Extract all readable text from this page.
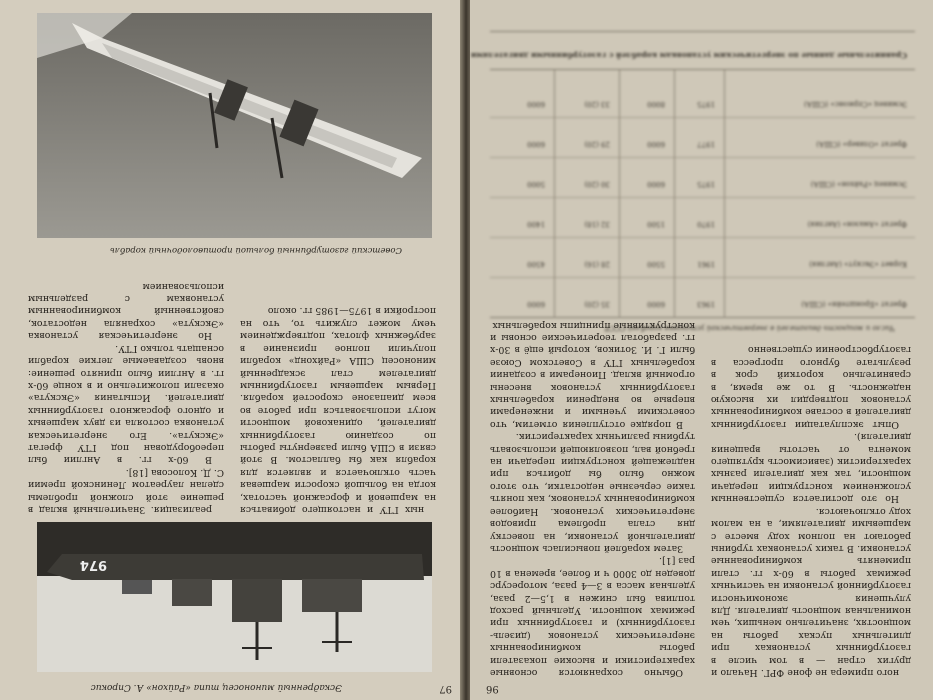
97
Эскадренный миноносец типа «Райхон» А. Спрокис
974

ных ГТУ и настоящего добиваться на маршевой и форсажной частотах, когда на большой скорости маршевая часть отключается и является для корабля как бы балластом. В этой связи в США были развернуты работы по созданию газотурбинных двигателей, одинаковой мощности могут использоваться при работе во всем диапазоне скоростей корабля. Первым маршевым газотурбинным двигателем стал эскадренный миноносец США «Райхонд» корабли получили полное признание в зарубежных флотах, подтверждением чему может служить то, что на постройки в 1975—1985 гг. около

реализация. Значительный вклад в решение этой сложной проблемы сделан лауреатом Ленинской премии С. Д. Колосова [18].

В 60-х гг. в Англии был переоборудован под ГТУ фрегат «Экскута». Его энергетическая установка состояла из двух маршевых и одного форсажного газотурбинных двигателей. Испытания «Экскута» оказали положительно и в конце 60-х гг. в Англии было принято решение: вновь создаваемые легкие корабли оснащать только ГТУ.

Но энергетическая установка «Экскута» сохраняла недостаток, свойственный комбинированным установкам с раздельным использованием

Советский газотурбинный большой противолодочный корабль
96

ного примера не фоне ФРГ. Начало и других стран — в том числе в газотурбинных установках при длительных пусках работы на мощностях, значительно меньших, чем номинальная мощность двигателя. Для улучшения экономичности газотурбинной установки на частичных режимах работы в 60-х гг. стали применять комбинированные установки. В таких установках турбины работают на полном ходу вместе с маршевыми двигателями, а на малом ходу отключаются.

Но это достигается существенным усложнением конструкции передачи мощности, так как двигатели разных характеристик (зависимость крутящего момента от частоты вращения двигателя).

Опыт эксплуатации газотурбинных двигателей в составе комбинированных установок подтвердил их высокую надежность. В то же время, в сравнительно короткий срок в результате бурного прогресса в газотурбостроении существенно

Обычно сохраняются основные характеристики и высокие показатели работы комбинированных энергетических установок (дизель-газотурбинных) и газотурбинных при режимах мощности. Удельный расход топлива был снижен в 1,5—2 раза, удельная масса в 3—4 раза, моторесурс доведен до 3000 ч и более, времена в 10 раз [1].

Затем кораблей повысилась мощность двигательной установки, на повестку дня стала проблема приводов энергетических установок. Наиболее комбинированных установок, как понять такие серьезные недостатки, что этого можно было бы добиться при надлежащей конструкции передачи на гребной вал, позволяющей использовать турбины различных характеристик.

В порядке отступления отметим, что советскими учеными и инженерами впервые во внедрении корабельных газотурбинных установок внесены огромный вклад. Пионерами в создании корабельных ГТУ в Советском Союзе были Г. И. Зотиков, который ещё в 30-х гг. разработал теоретические основы и конструктивные принципы корабельных

Число и мощность двигателей в энергетической установке кораблей СССР
Фрегат «Бронштейн» (США)
1963
6000
35 (20)
6000
Корвет «Экскут» (Англия)
1961
5500
28 (16)
4500
Фрегат «Амазон» (Англия)
1970
1500
32 (18)
1400
Эсминец «Райхон» (США)
1975
6000
30 (20)
5000
Фрегат «Оливер» (США)
1977
6000
29 (20)
6000
Эсминец «Спрюэнс» (США)
1975
8000
33 (20)
6000
Сравнительные данные по энергетическим установкам кораблей с газотурбинными двигателями
